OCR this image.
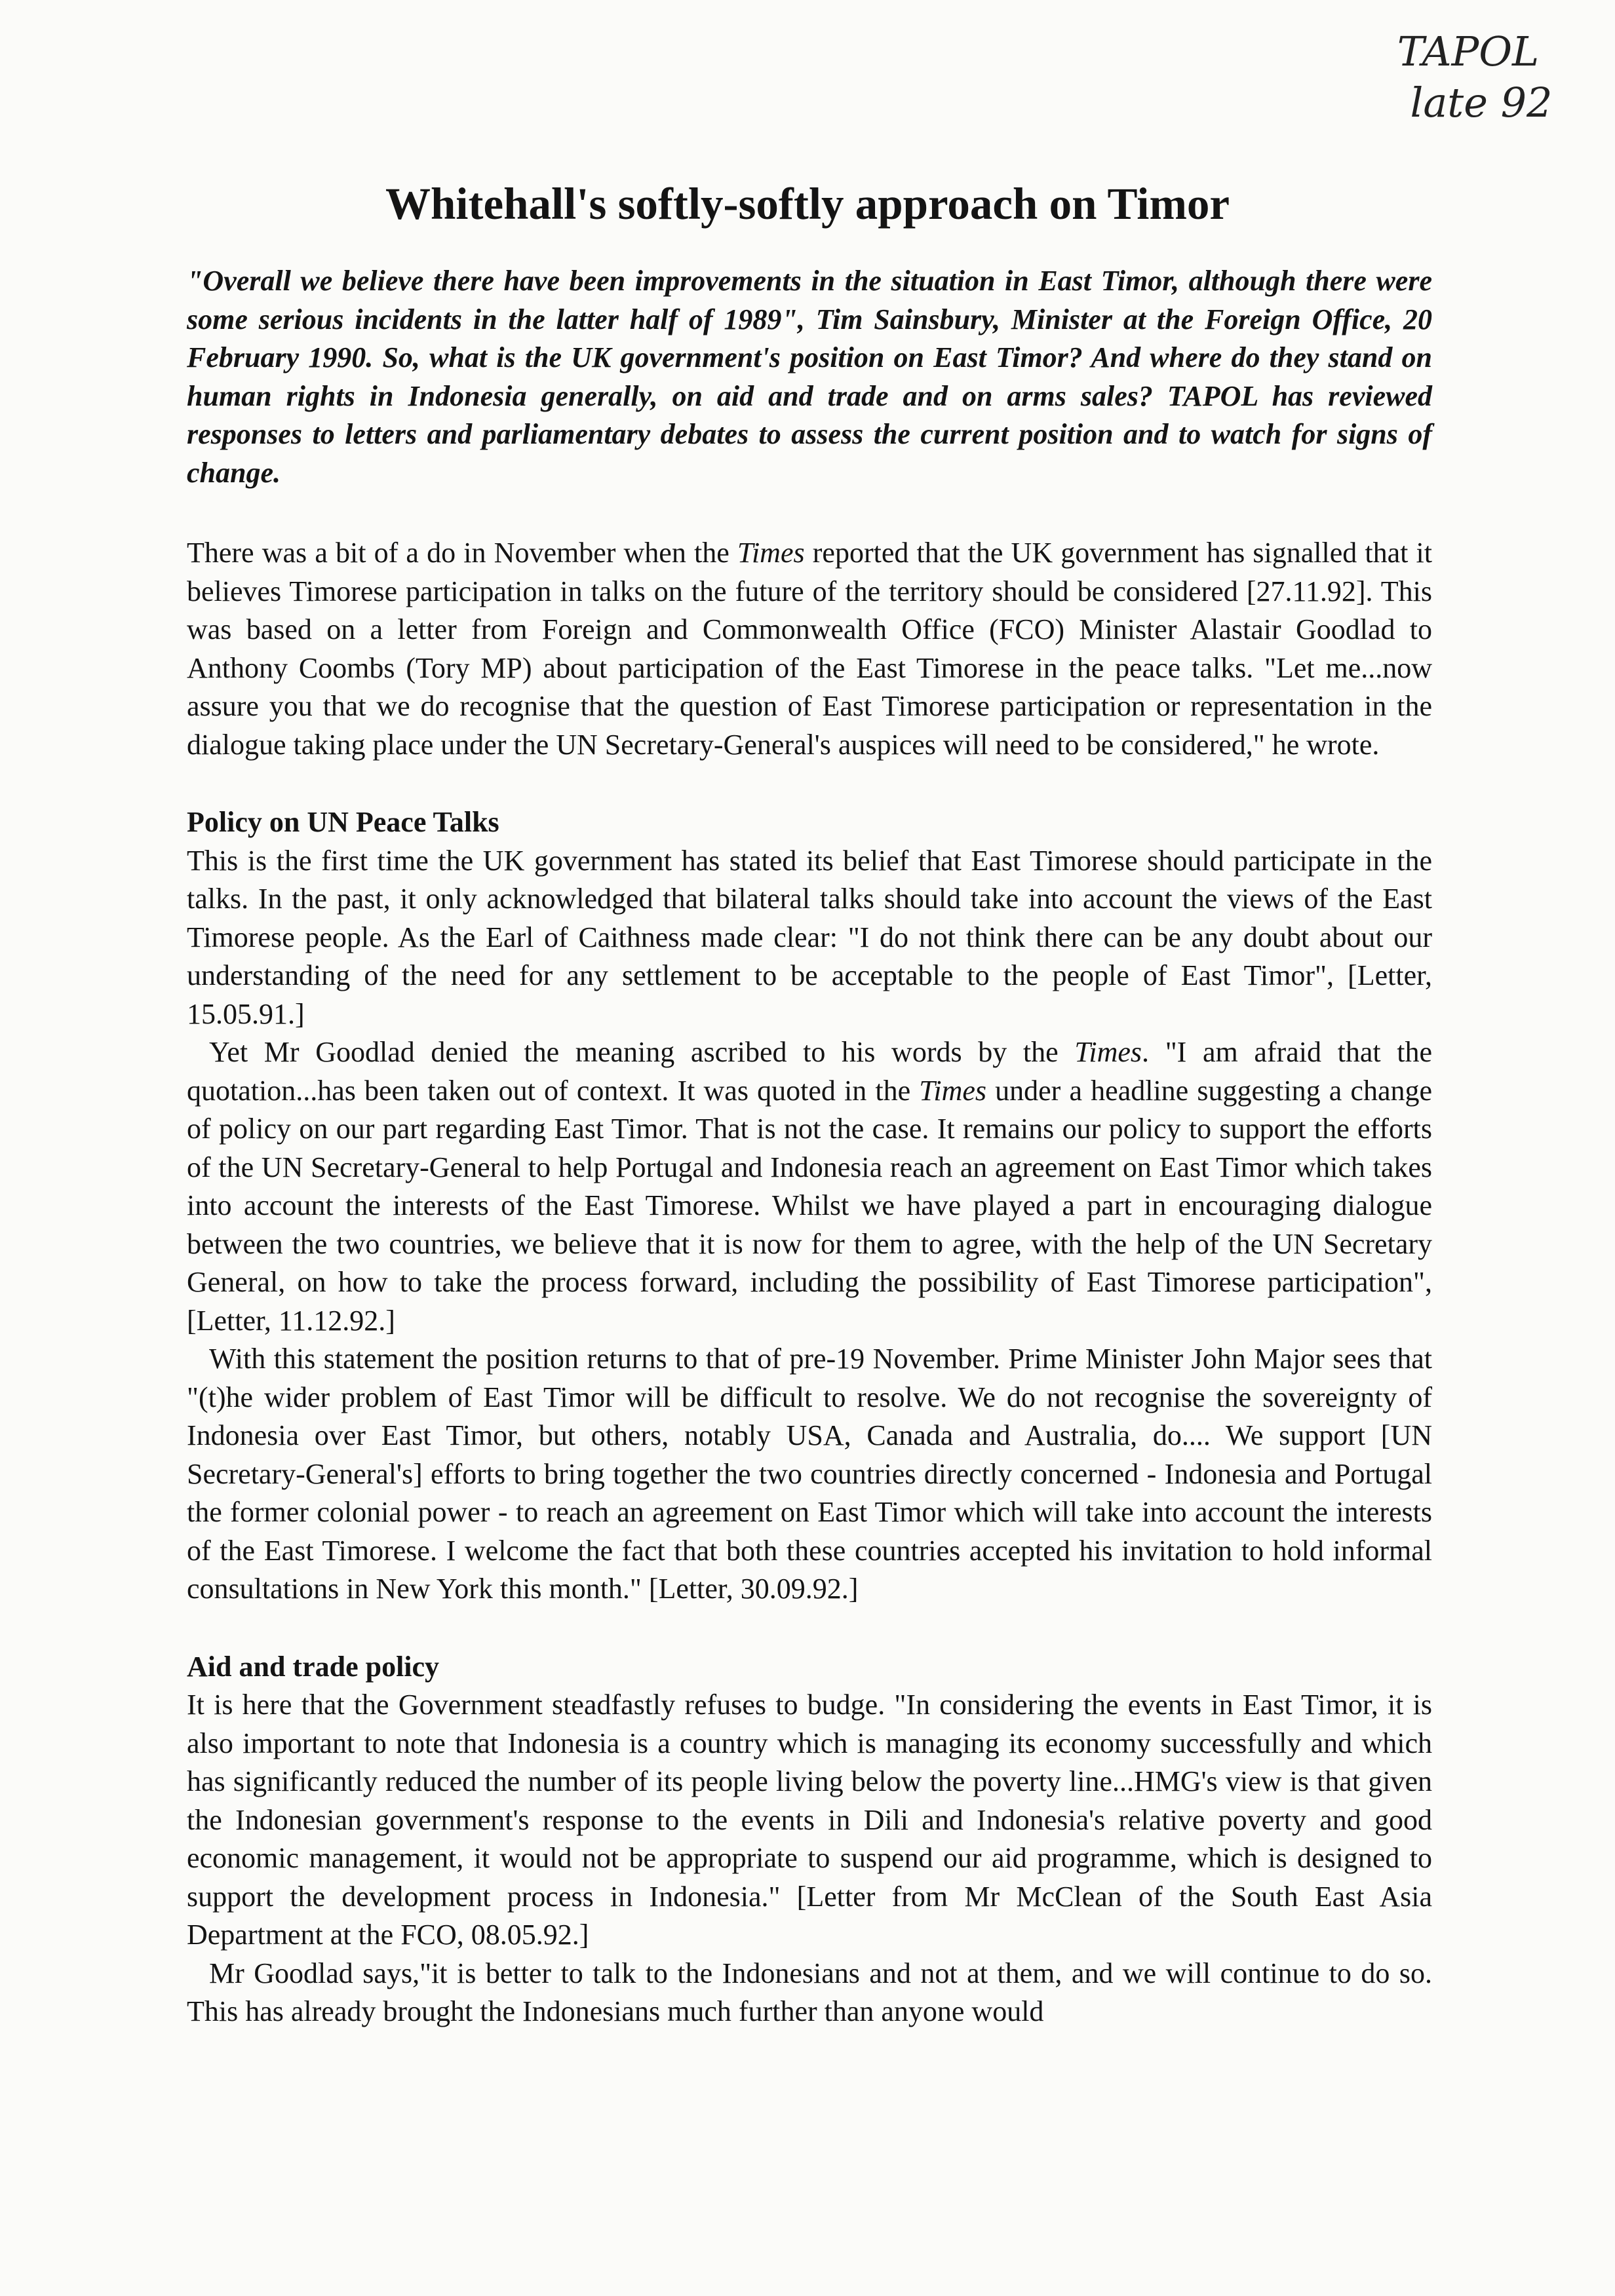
TAPOL
late 92
Whitehall's softly-softly approach on Timor

"Overall we believe there have been improvements in the situation in East Timor, although there were some serious incidents in the latter half of 1989", Tim Sainsbury, Minister at the Foreign Office, 20 February 1990. So, what is the UK government's position on East Timor? And where do they stand on human rights in Indonesia generally, on aid and trade and on arms sales? TAPOL has reviewed responses to letters and parliamentary debates to assess the current position and to watch for signs of change.

There was a bit of a do in November when the Times reported that the UK government has signalled that it believes Timorese participation in talks on the future of the territory should be considered [27.11.92]. This was based on a letter from Foreign and Commonwealth Office (FCO) Minister Alastair Goodlad to Anthony Coombs (Tory MP) about participation of the East Timorese in the peace talks. "Let me...now assure you that we do recognise that the question of East Timorese participation or representation in the dialogue taking place under the UN Secretary-General's auspices will need to be considered," he wrote.

Policy on UN Peace Talks

This is the first time the UK government has stated its belief that East Timorese should participate in the talks. In the past, it only acknowledged that bilateral talks should take into account the views of the East Timorese people. As the Earl of Caithness made clear: "I do not think there can be any doubt about our understanding of the need for any settlement to be acceptable to the people of East Timor", [Letter, 15.05.91.]

Yet Mr Goodlad denied the meaning ascribed to his words by the Times. "I am afraid that the quotation...has been taken out of context. It was quoted in the Times under a headline suggesting a change of policy on our part regarding East Timor. That is not the case. It remains our policy to support the efforts of the UN Secretary-General to help Portugal and Indonesia reach an agreement on East Timor which takes into account the interests of the East Timorese. Whilst we have played a part in encouraging dialogue between the two countries, we believe that it is now for them to agree, with the help of the UN Secretary General, on how to take the process forward, including the possibility of East Timorese participation", [Letter, 11.12.92.]

With this statement the position returns to that of pre-19 November. Prime Minister John Major sees that "(t)he wider problem of East Timor will be difficult to resolve. We do not recognise the sovereignty of Indonesia over East Timor, but others, notably USA, Canada and Australia, do.... We support [UN Secretary-General's] efforts to bring together the two countries directly concerned - Indonesia and Portugal the former colonial power - to reach an agreement on East Timor which will take into account the interests of the East Timorese. I welcome the fact that both these countries accepted his invitation to hold informal consultations in New York this month." [Letter, 30.09.92.]

Aid and trade policy

It is here that the Government steadfastly refuses to budge. "In considering the events in East Timor, it is also important to note that Indonesia is a country which is managing its economy successfully and which has significantly reduced the number of its people living below the poverty line...HMG's view is that given the Indonesian government's response to the events in Dili and Indonesia's relative poverty and good economic management, it would not be appropriate to suspend our aid programme, which is designed to support the development process in Indonesia." [Letter from Mr McClean of the South East Asia Department at the FCO, 08.05.92.]

Mr Goodlad says,"it is better to talk to the Indonesians and not at them, and we will continue to do so. This has already brought the Indonesians much further than anyone would
